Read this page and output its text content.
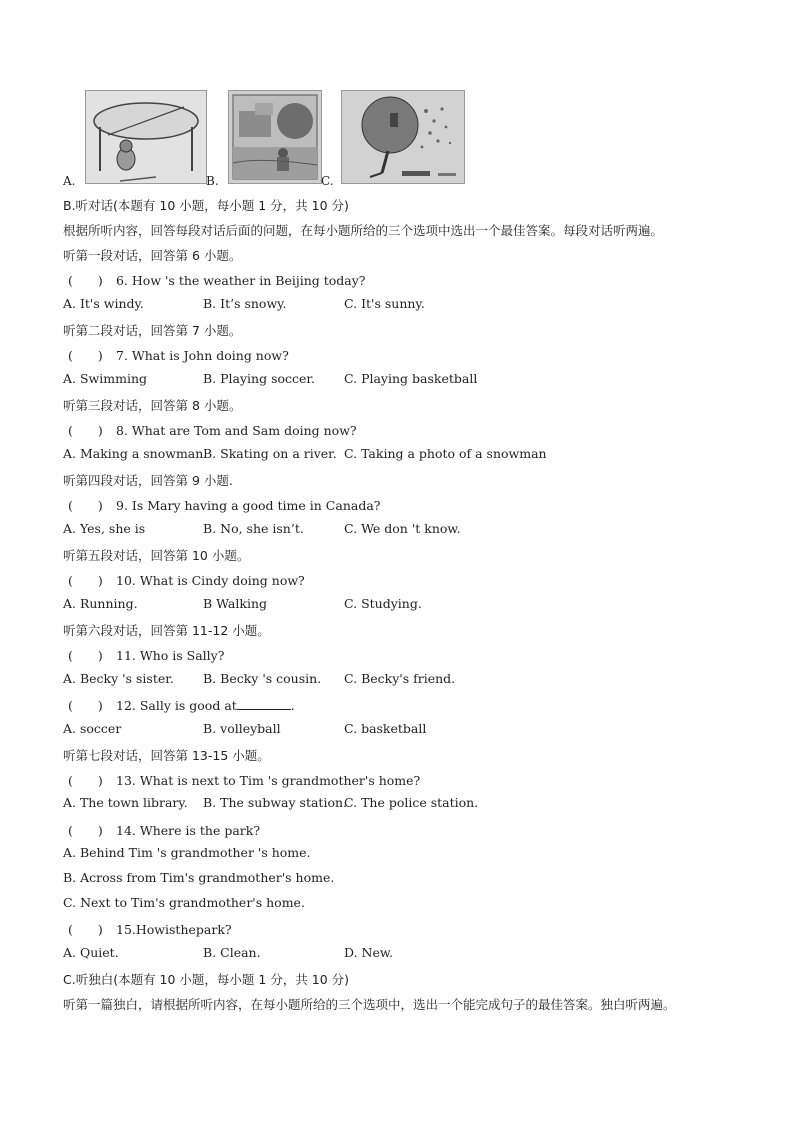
A.	B.	C.
B.听对话(本题有 10 小题，每小题 1 分，共 10 分)
根据所听内容，回答每段对话后面的问题，在每小题所给的三个选项中选出一个最佳答案。每段对话听两遍。
听第一段对话，回答第 6 小题。
(　　) 6. How 's the weather in Beijing today?
A. It's windy.	B. It’s snowy.	C. It's sunny.
听第二段对话，回答第 7 小题。
(　　) 7. What is John doing now?
A. Swimming	B. Playing soccer. C. Playing basketball
听第三段对话，回答第 8 小题。
(　　) 8. What are Tom and Sam doing now?
A. Making a snowman.
B. Skating on a river. C. Taking a photo of a snowman
听第四段对话，回答第 9 小题.
(　　) 9. Is Mary having a good time in Canada?
A. Yes, she is	B. No, she isn’t.	C. We don 't know.
听第五段对话，回答第 10 小题。
(　　) 10. What is Cindy doing now?
A. Running.	B Walking	C. Studying.
听第六段对话，回答第 11-12 小题。
(　　) 11. Who is Sally?
A. Becky 's sister. B. Becky 's cousin. C. Becky's friend.
(　　) 12. Sally is good at	.
A. soccer	B. volleyball	C. basketball
听第七段对话，回答第 13-15 小题。
(　　) 13. What is next to Tim 's grandmother's home?
A. The town library. B. The subway station.
C. The police station.
(　　) 14. Where is the park?
A. Behind Tim 's grandmother 's home.
B. Across from Tim's grandmother's home.
C. Next to Tim's grandmother's home.
(　　) 15.Howisthepark?
A. Quiet.	B. Clean.	D. New.
C.听独白(本题有 10 小题，每小题 1 分，共 10 分)
听第一篇独白，请根据所听内容，在每小题所给的三个选项中，选出一个能完成句子的最佳答案。独白听两遍。
